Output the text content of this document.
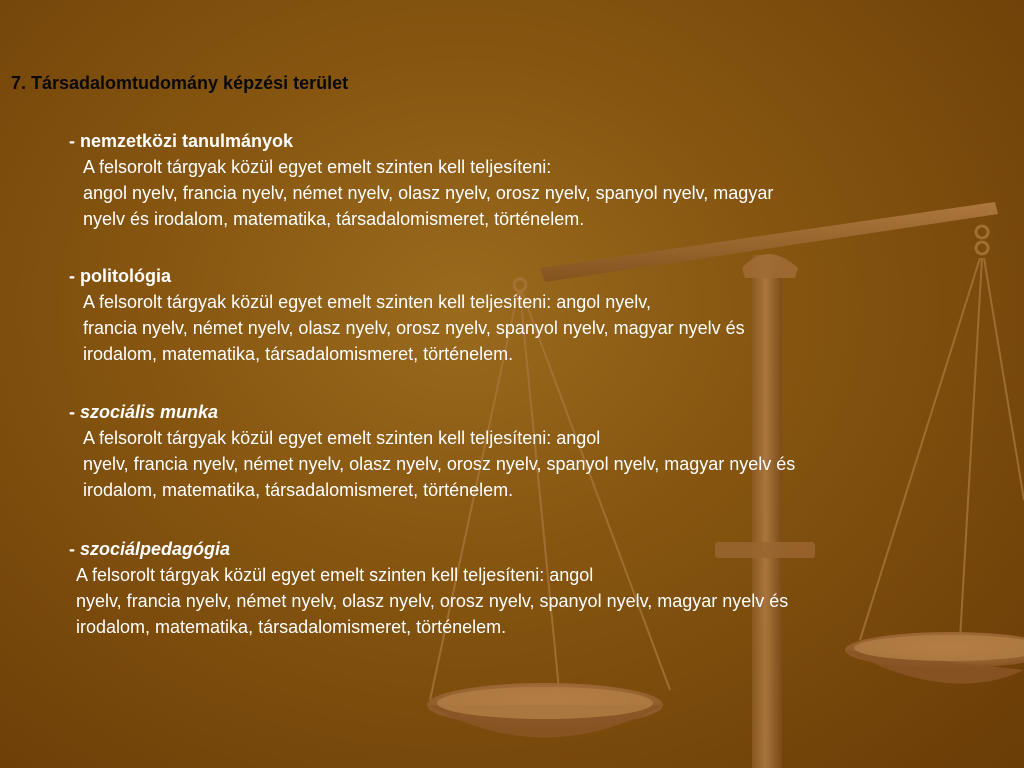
7. Társadalomtudomány képzési terület
- nemzetközi tanulmányok
A felsorolt tárgyak közül egyet emelt szinten kell teljesíteni:
angol nyelv, francia nyelv, német nyelv, olasz nyelv, orosz nyelv, spanyol nyelv, magyar
nyelv és irodalom, matematika, társadalomismeret, történelem.
- politológia
A felsorolt tárgyak közül egyet emelt szinten kell teljesíteni: angol nyelv,
francia nyelv, német nyelv, olasz nyelv, orosz nyelv, spanyol nyelv, magyar nyelv és
irodalom, matematika, társadalomismeret, történelem.
- szociális munka
A felsorolt tárgyak közül egyet emelt szinten kell teljesíteni: angol
nyelv, francia nyelv, német nyelv, olasz nyelv, orosz nyelv, spanyol nyelv, magyar nyelv és
irodalom, matematika, társadalomismeret, történelem.
- szociálpedagógia
A felsorolt tárgyak közül egyet emelt szinten kell teljesíteni: angol
nyelv, francia nyelv, német nyelv, olasz nyelv, orosz nyelv, spanyol nyelv, magyar nyelv és
irodalom, matematika, társadalomismeret, történelem.
